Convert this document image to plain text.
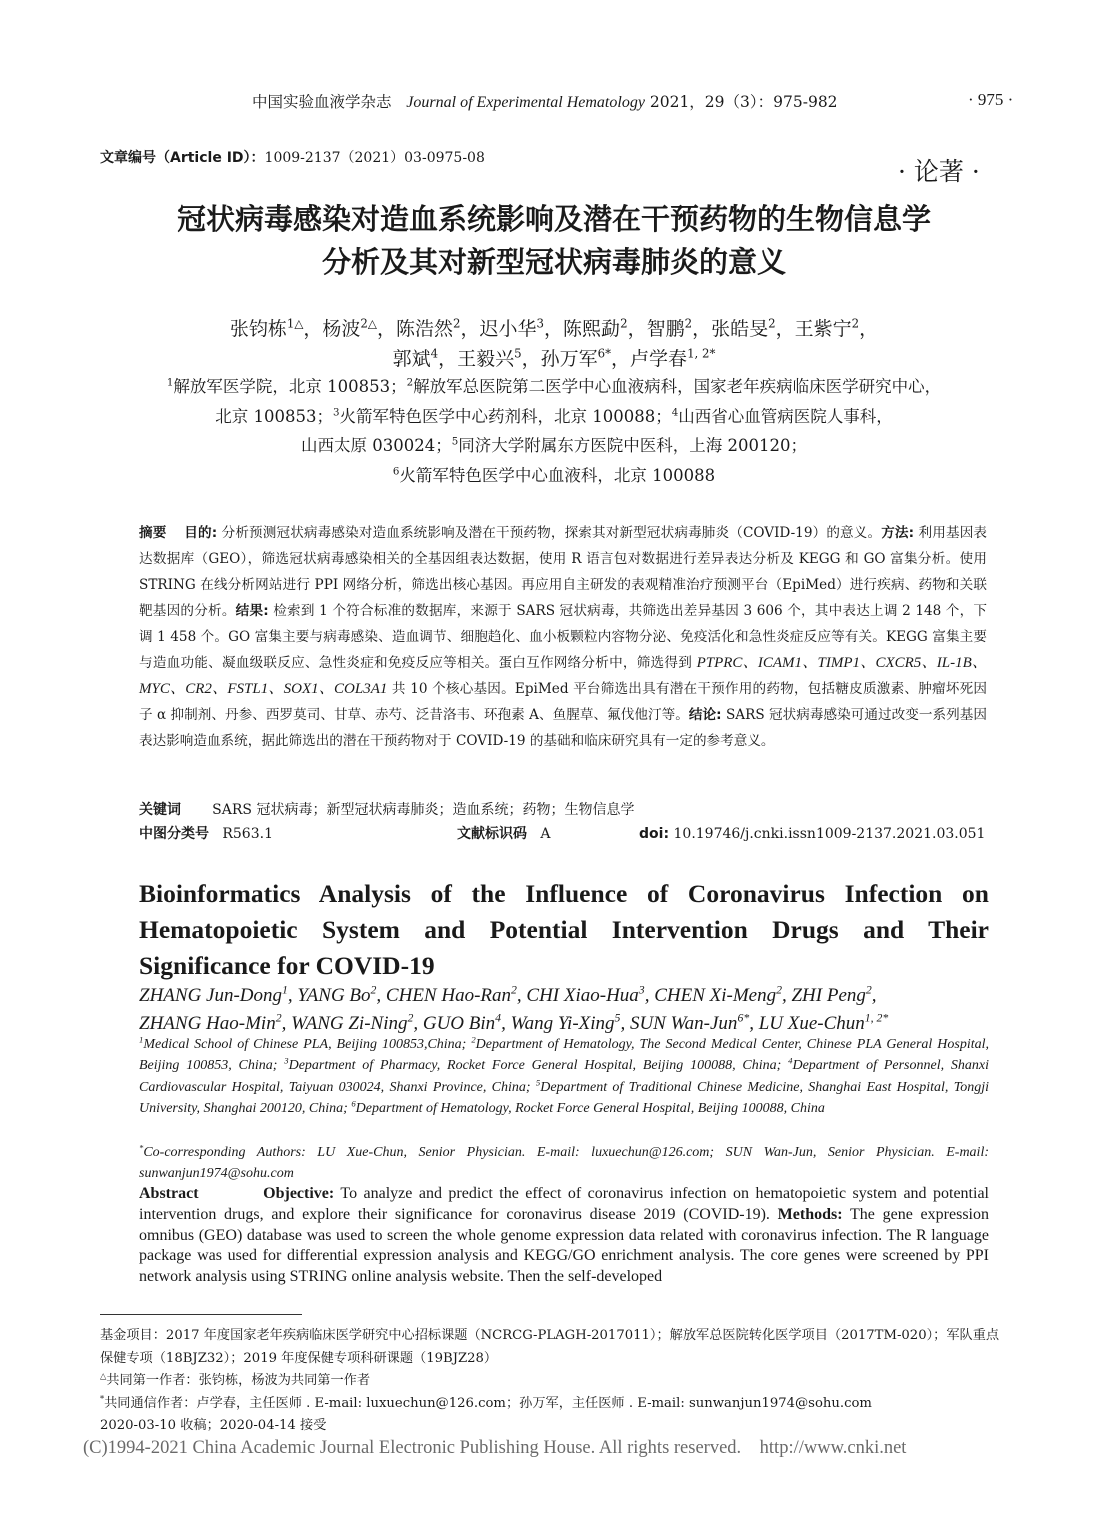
中国实验血液学杂志 Journal of Experimental Hematology 2021，29（3）：975-982	· 975 ·
文章编号（Article ID）：1009-2137（2021）03-0975-08	· 论著 ·
冠状病毒感染对造血系统影响及潜在干预药物的生物信息学
分析及其对新型冠状病毒肺炎的意义
张钧栋$^{1\triangle}$，杨波$^{2\triangle}$，陈浩然$^2$，迟小华$^3$，陈熙勐$^2$，智鹏$^2$，张皓旻$^2$，王紫宁$^2$，
郭斌$^4$，王毅兴$^5$，孙万军$^{6*}$，卢学春$^{1, 2*}$
$^1$解放军医学院，北京 100853；$^2$解放军总医院第二医学中心血液病科，国家老年疾病临床医学研究中心，
北京 100853；$^3$火箭军特色医学中心药剂科，北京 100088；$^4$山西省心血管病医院人事科，
山西太原 030024；$^5$同济大学附属东方医院中医科，上海 200120；
$^6$火箭军特色医学中心血液科，北京 100088
摘要 目的: 分析预测冠状病毒感染对造血系统影响及潜在干预药物，探索其对新型冠状病毒肺炎（COVID-19）的意义。方法: 利用基因表达数据库（GEO），筛选冠状病毒感染相关的全基因组表达数据，使用 R 语言包对数据进行差异表达分析及 KEGG 和 GO 富集分析。使用 STRING 在线分析网站进行 PPI 网络分析，筛选出核心基因。再应用自主研发的表观精准治疗预测平台（EpiMed）进行疾病、药物和关联靶基因的分析。结果: 检索到 1 个符合标准的数据库，来源于 SARS 冠状病毒，共筛选出差异基因 3 606 个，其中表达上调 2 148 个，下调 1 458 个。GO 富集主要与病毒感染、造血调节、细胞趋化、血小板颗粒内容物分泌、免疫活化和急性炎症反应等有关。KEGG 富集主要与造血功能、凝血级联反应、急性炎症和免疫反应等相关。蛋白互作网络分析中，筛选得到 PTPRC、ICAM1、TIMP1、CXCR5、IL-1B、MYC、CR2、FSTL1、SOX1、COL3A1 共 10 个核心基因。EpiMed 平台筛选出具有潜在干预作用的药物，包括糖皮质激素、肿瘤坏死因子 α 抑制剂、丹参、西罗莫司、甘草、赤芍、泛昔洛韦、环孢素 A、鱼腥草、氟伐他汀等。结论: SARS 冠状病毒感染可通过改变一系列基因表达影响造血系统，据此筛选出的潜在干预药物对于 COVID-19 的基础和临床研究具有一定的参考意义。
关键词 SARS 冠状病毒；新型冠状病毒肺炎；造血系统；药物；生物信息学
中图分类号 R563.1	文献标识码 A	doi: 10.19746/j.cnki.issn1009-2137.2021.03.051
Bioinformatics Analysis of the Influence of Coronavirus Infection on Hematopoietic System and Potential Intervention Drugs and Their Significance for COVID-19
ZHANG Jun-Dong$^1$, YANG Bo$^2$, CHEN Hao-Ran$^2$, CHI Xiao-Hua$^3$, CHEN Xi-Meng$^2$, ZHI Peng$^2$,
ZHANG Hao-Min$^2$, WANG Zi-Ning$^2$, GUO Bin$^4$, Wang Yi-Xing$^5$, SUN Wan-Jun$^{6*}$, LU Xue-Chun$^{1, 2*}$
$^1$Medical School of Chinese PLA, Beijing 100853,China; $^2$Department of Hematology, The Second Medical Center, Chinese PLA General Hospital, Beijing 100853, China; $^3$Department of Pharmacy, Rocket Force General Hospital, Beijing 100088, China; $^4$Department of Personnel, Shanxi Cardiovascular Hospital, Taiyuan 030024, Shanxi Province, China; $^5$Department of Traditional Chinese Medicine, Shanghai East Hospital, Tongji University, Shanghai 200120, China; $^6$Department of Hematology, Rocket Force General Hospital, Beijing 100088, China
*Co-corresponding Authors: LU Xue-Chun, Senior Physician. E-mail: luxuechun@126.com; SUN Wan-Jun, Senior Physician. E-mail: sunwanjun1974@sohu.com
Abstract	Objective: To analyze and predict the effect of coronavirus infection on hematopoietic system and potential intervention drugs, and explore their significance for coronavirus disease 2019 (COVID-19). Methods: The gene expression omnibus (GEO) database was used to screen the whole genome expression data related with coronavirus infection. The R language package was used for differential expression analysis and KEGG/GO enrichment analysis. The core genes were screened by PPI network analysis using STRING online analysis website. Then the self-developed
基金项目：2017 年度国家老年疾病临床医学研究中心招标课题（NCRCG-PLAGH-2017011）；解放军总医院转化医学项目（2017TM-020）；军队重点保健专项（18BJZ32）；2019 年度保健专项科研课题（19BJZ28）
△共同第一作者：张钧栋，杨波为共同第一作者
*共同通信作者：卢学春，主任医师 . E-mail: luxuechun@126.com；孙万军，主任医师 . E-mail: sunwanjun1974@sohu.com
2020-03-10 收稿；2020-04-14 接受
(C)1994-2021 China Academic Journal Electronic Publishing House. All rights reserved.    http://www.cnki.net
